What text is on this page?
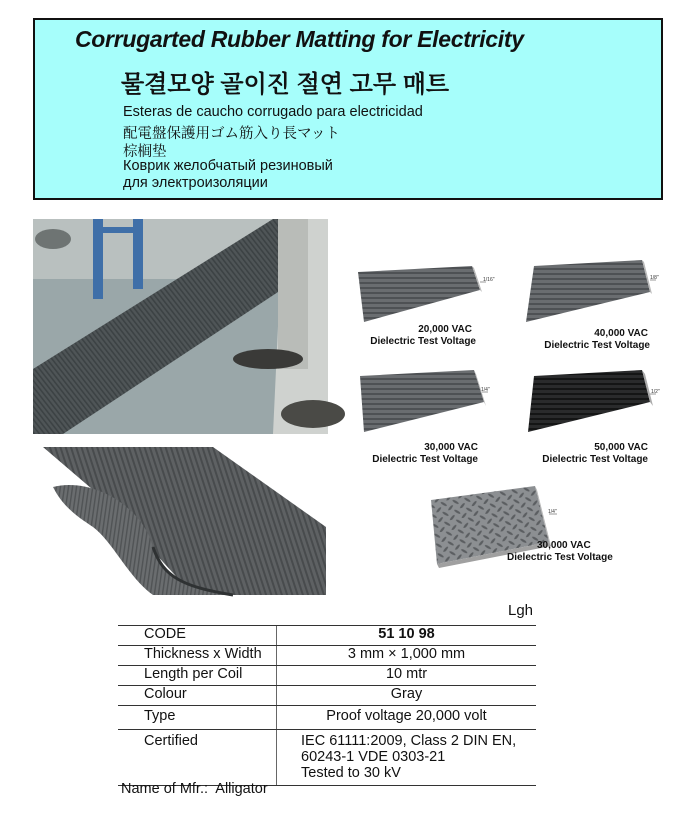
Corrugarted Rubber Matting for Electricity
물결모양 골이진 절연 고무 매트
Esteras de caucho corrugado para electricidad
配電盤保護用ゴム筋入り長マット
棕榈垫
Коврик желобчатый резиновый
для электроизоляции
1/16"
20,000 VAC
Dielectric Test Voltage
1/8"
40,000 VAC
Dielectric Test Voltage
1/4"
30,000 VAC
Dielectric Test Voltage
1/2"
50,000 VAC
Dielectric Test Voltage
1/4"
30,000 VAC
Dielectric Test Voltage
Lgh
CODE	51 10 98
Thickness x Width	3 mm × 1,000 mm
Length per Coil	10 mtr
Colour	Gray
Type	Proof voltage 20,000 volt
Certified	IEC 61111:2009, Class 2 DIN EN,
60243-1 VDE 0303-21
Tested to 30 kV
Name of Mfr.:  Alligator
